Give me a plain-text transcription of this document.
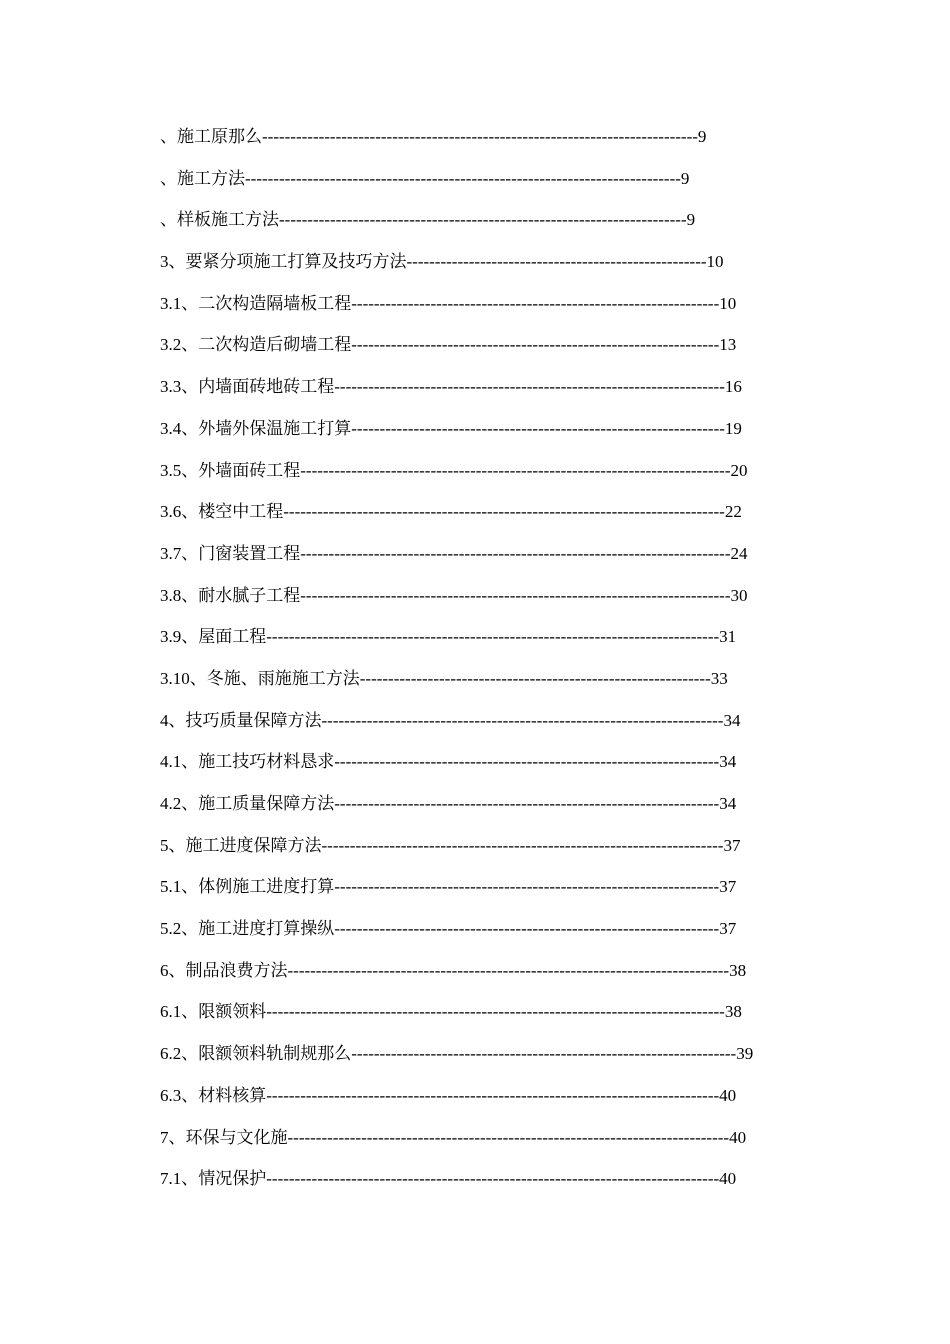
、施工原那么-----------------------------------------------------------------------------9
、施工方法-----------------------------------------------------------------------------9
、样板施工方法------------------------------------------------------------------------9
3、要紧分项施工打算及技巧方法-----------------------------------------------------10
3.1、二次构造隔墙板工程-----------------------------------------------------------------10
3.2、二次构造后砌墙工程-----------------------------------------------------------------13
3.3、内墙面砖地砖工程---------------------------------------------------------------------16
3.4、外墙外保温施工打算------------------------------------------------------------------19
3.5、外墙面砖工程----------------------------------------------------------------------------20
3.6、楼空中工程------------------------------------------------------------------------------22
3.7、门窗装置工程----------------------------------------------------------------------------24
3.8、耐水腻子工程----------------------------------------------------------------------------30
3.9、屋面工程--------------------------------------------------------------------------------31
3.10、冬施、雨施施工方法--------------------------------------------------------------33
4、技巧质量保障方法-----------------------------------------------------------------------34
4.1、施工技巧材料恳求--------------------------------------------------------------------34
4.2、施工质量保障方法--------------------------------------------------------------------34
5、施工进度保障方法-----------------------------------------------------------------------37
5.1、体例施工进度打算--------------------------------------------------------------------37
5.2、施工进度打算操纵--------------------------------------------------------------------37
6、制品浪费方法------------------------------------------------------------------------------38
6.1、限额领料---------------------------------------------------------------------------------38
6.2、限额领料轨制规那么--------------------------------------------------------------------39
6.3、材料核算--------------------------------------------------------------------------------40
7、环保与文化施------------------------------------------------------------------------------40
7.1、情况保护--------------------------------------------------------------------------------40
